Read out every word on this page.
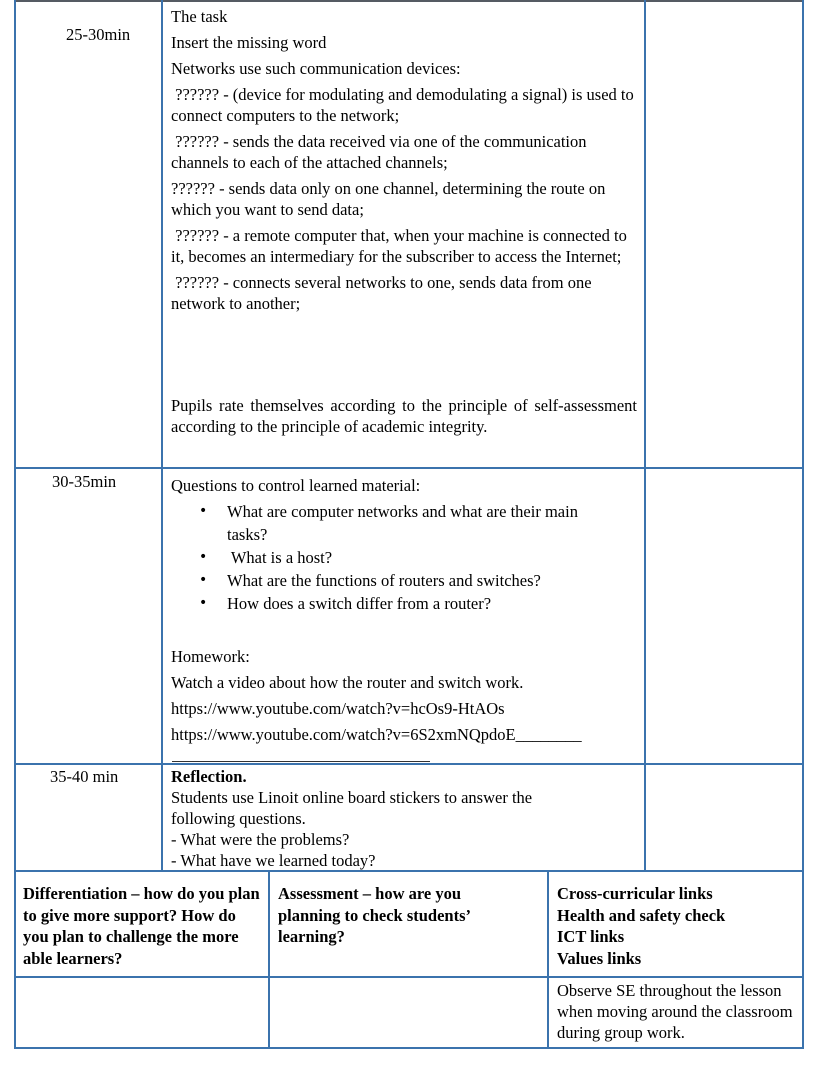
25-30min

The task

Insert the missing word

Networks use such communication devices:

?????? - (device for modulating and demodulating a signal) is used to connect computers to the network;

?????? - sends the data received via one of the communication channels to each of the attached channels;

?????? - sends data only on one channel, determining the route on which you want to send data;

?????? - a remote computer that, when your machine is connected to it, becomes an intermediary for the subscriber to access the Internet;

?????? - connects several networks to one, sends data from one network to another;

Pupils rate themselves according to the principle of self-assessment according to the principle of academic integrity.

30-35min	Questions to control learned material:

• What are computer networks and what are their main tasks?
•  What is a host?
• What are the functions of routers and switches?
• How does a switch differ from a router?

Homework:

Watch a video about how the router and switch work.

https://www.youtube.com/watch?v=hcOs9-HtAOs

https://www.youtube.com/watch?v=6S2xmNQpdoE________

35-40 min	Reflection.

Students use Linoit online board stickers to answer the following questions.

- What were the problems?

- What have we learned today?

Differentiation – how do you plan to give more support? How do you plan to challenge the more able learners?
Assessment – how are you planning to check students’ learning?
Cross-curricular links
Health and safety check
ICT links
Values links
Observe SE throughout the lesson when moving around the classroom during group work.
